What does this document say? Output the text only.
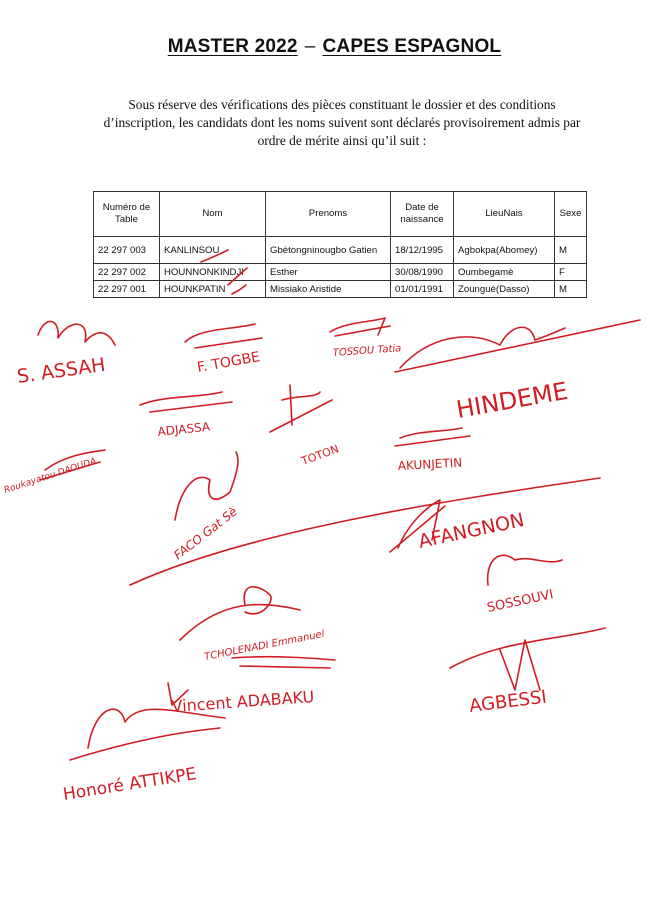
MASTER 2022 – CAPES ESPAGNOL
Sous réserve des vérifications des pièces constituant le dossier et des conditions d’inscription, les candidats dont les noms suivent sont déclarés provisoirement admis par ordre de mérite ainsi qu’il suit :
Numéro de Table	Nom	Prenoms	Date de naissance	LieuNais	Sexe
22 297 003	KANLINSOU	Gbètongninougbo Gatien	18/12/1995	Agbokpa(Abomey)	M
22 297 002	HOUNNONKINDJI	Esther	30/08/1990	Oumbegamè	F
22 297 001	HOUNKPATIN	Missiako Aristide	01/01/1991	Zoungué(Dasso)	M
S. ASSAH	F. TOGBE	TOSSOU Tatia
HINDEME
ADJASSA
TOTON	AKUNJETIN
Roukayatou DAOUDA
FACO Gat Sè	AFANGNON
SOSSOUVI
TCHOLENADI Emmanuel
Vincent ADABAKU	AGBESSI
Honoré ATTIKPE
